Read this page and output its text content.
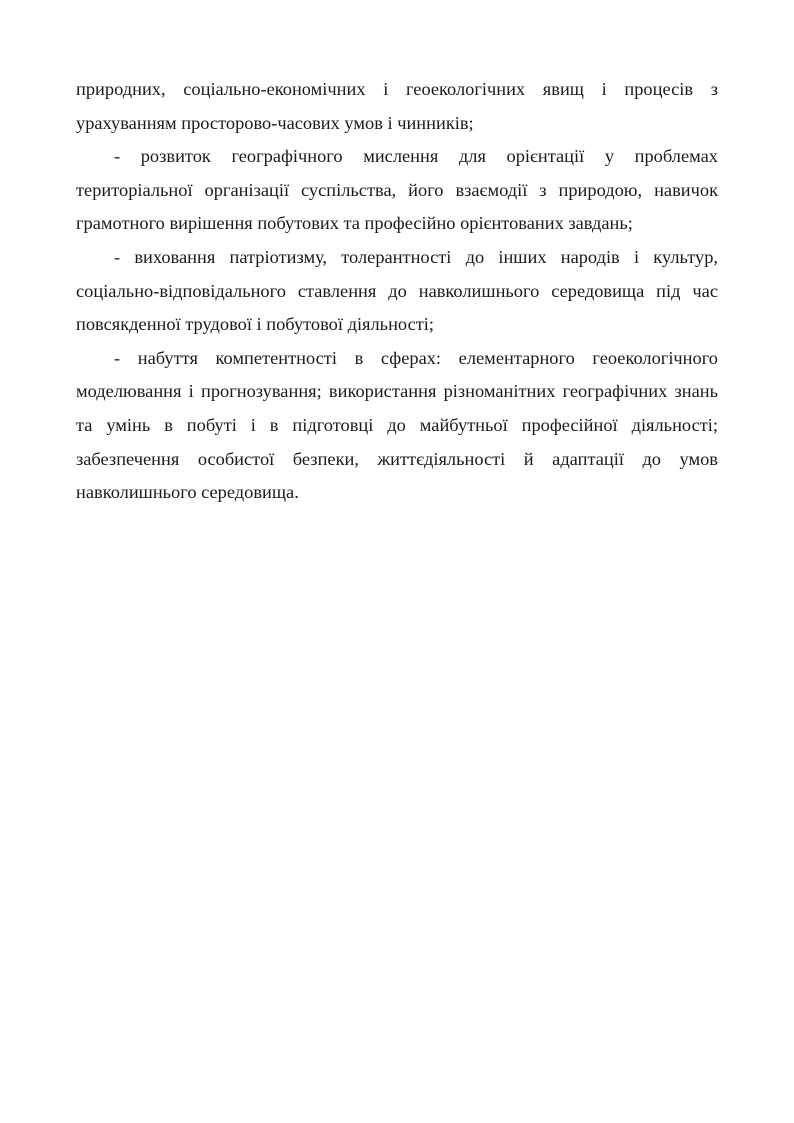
природних, соціально-економічних і геоекологічних явищ і процесів з урахуванням просторово-часових умов і чинників;

- розвиток географічного мислення для орієнтації у проблемах територіальної організації суспільства, його взаємодії з природою, навичок грамотного вирішення побутових та професійно орієнтованих завдань;

- виховання патріотизму, толерантності до інших народів і культур, соціально-відповідального ставлення до навколишнього середовища під час повсякденної трудової і побутової діяльності;

- набуття компетентності в сферах: елементарного геоекологічного моделювання і прогнозування; використання різноманітних географічних знань та умінь в побуті і в підготовці до майбутньої професійної діяльності; забезпечення особистої безпеки, життєдіяльності й адаптації до умов навколишнього середовища.
